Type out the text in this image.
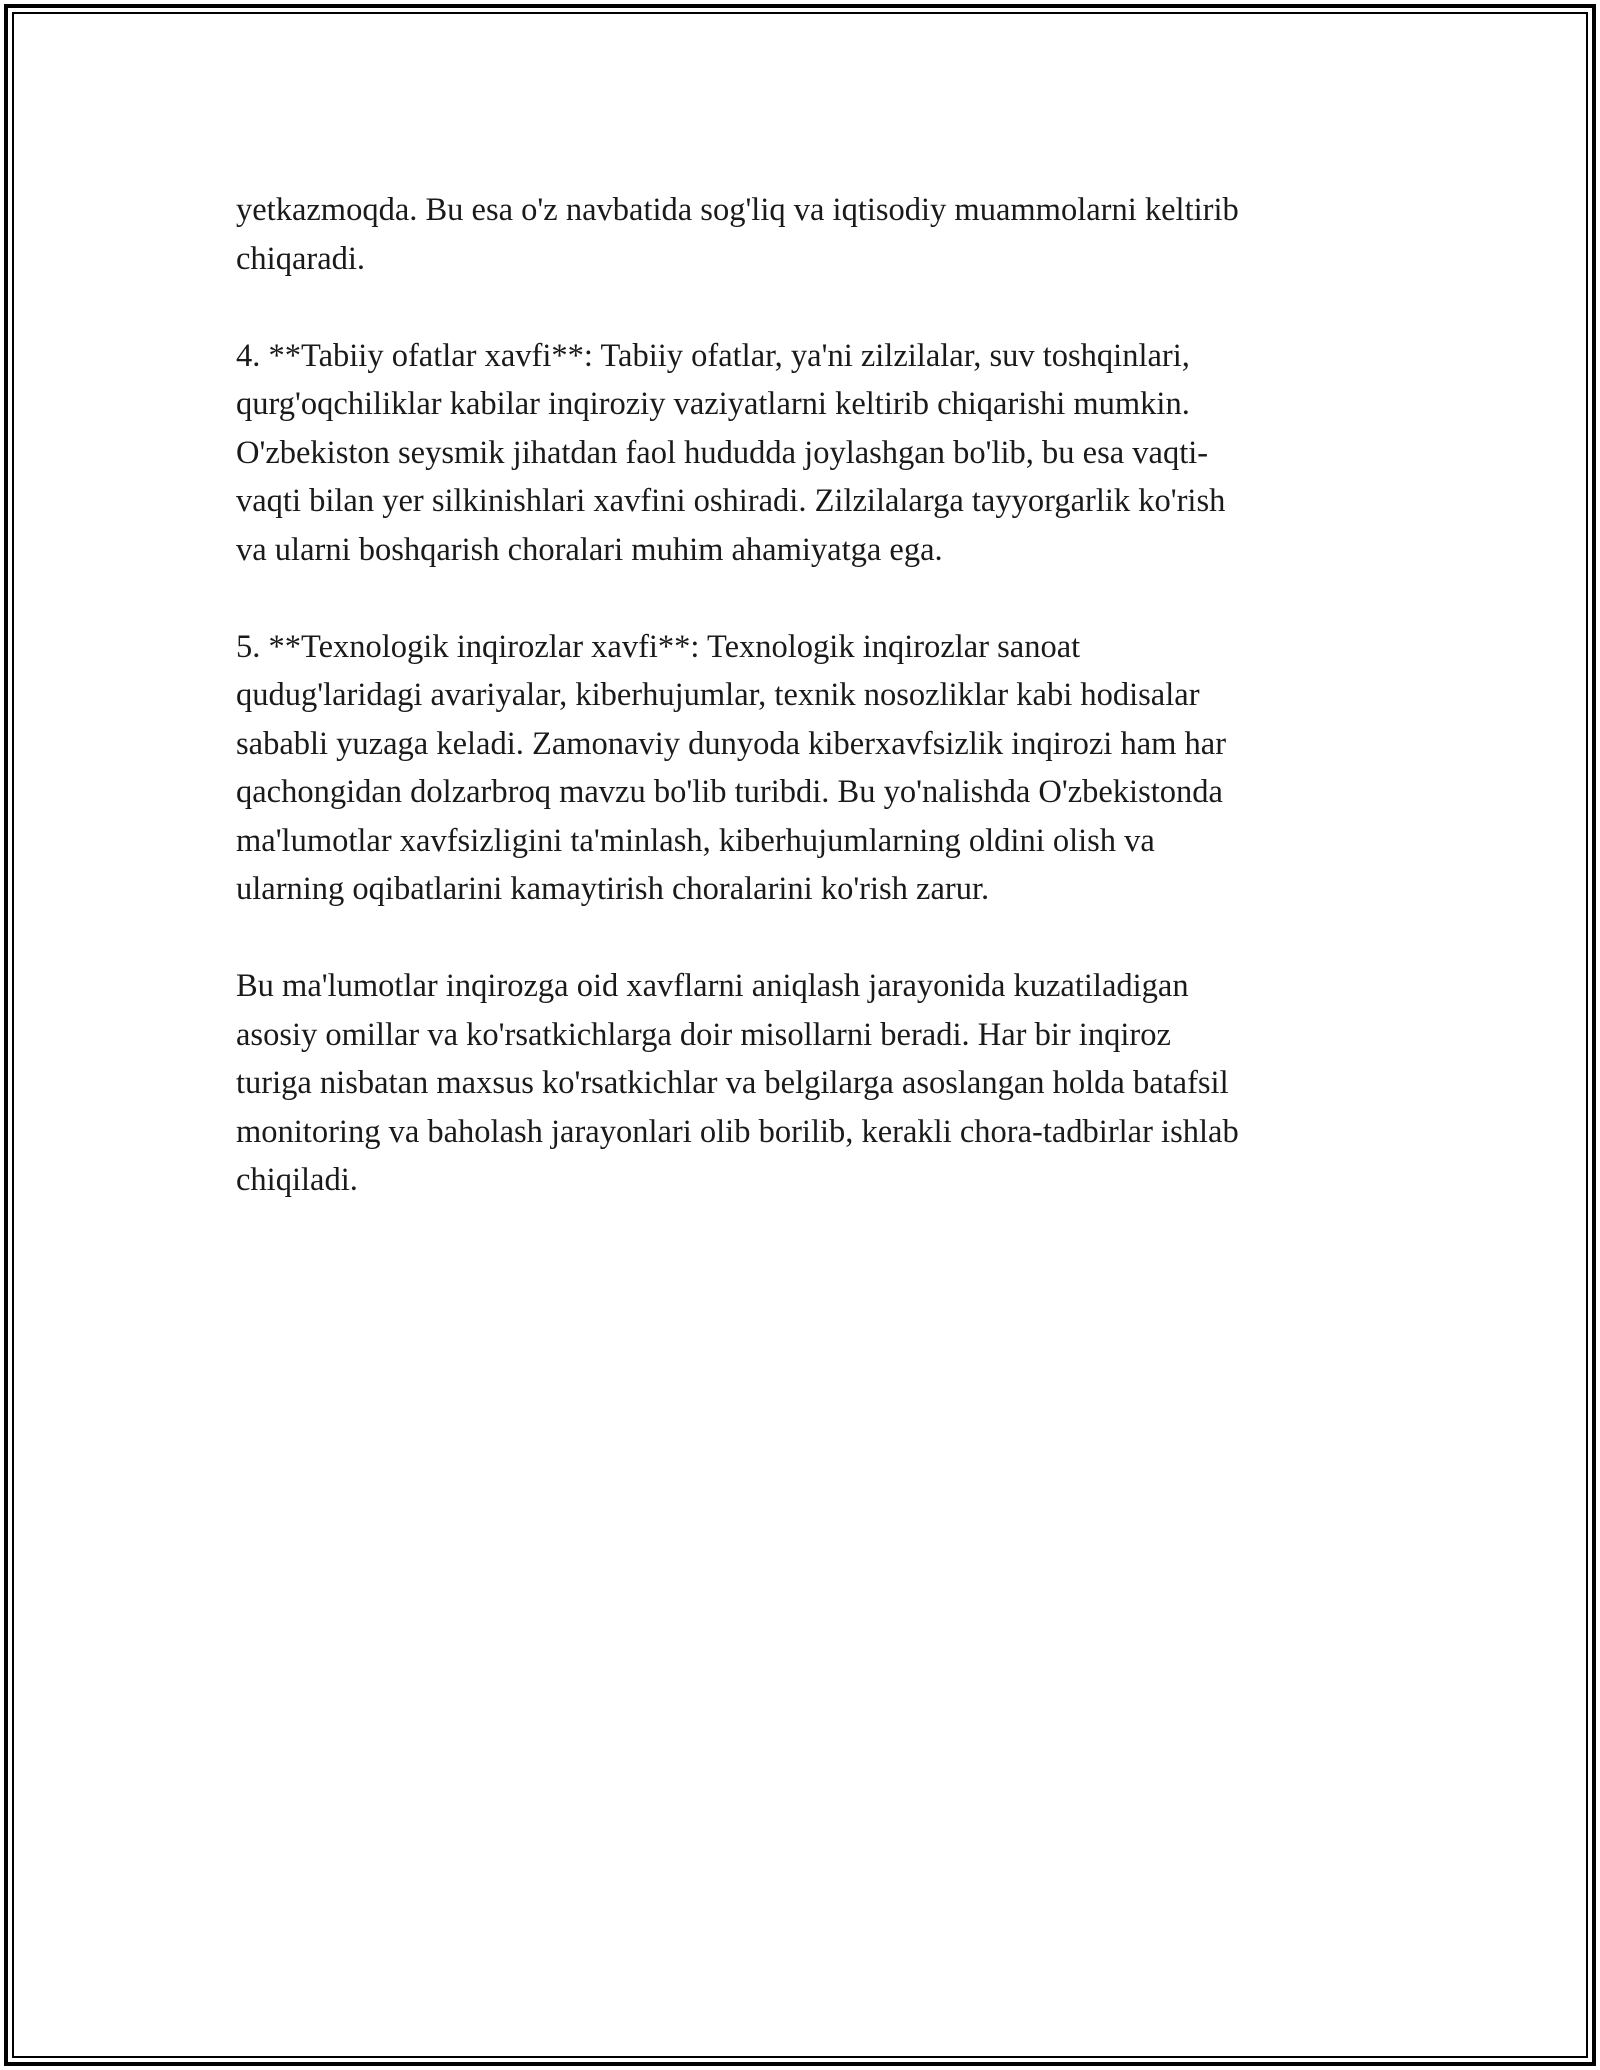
yetkazmoqda. Bu esa o'z navbatida sog'liq va iqtisodiy muammolarni keltirib
chiqaradi.

4. **Tabiiy ofatlar xavfi**: Tabiiy ofatlar, ya'ni zilzilalar, suv toshqinlari,
qurg'oqchiliklar kabilar inqiroziy vaziyatlarni keltirib chiqarishi mumkin.
O'zbekiston seysmik jihatdan faol hududda joylashgan bo'lib, bu esa vaqti-
vaqti bilan yer silkinishlari xavfini oshiradi. Zilzilalarga tayyorgarlik ko'rish
va ularni boshqarish choralari muhim ahamiyatga ega.

5. **Texnologik inqirozlar xavfi**: Texnologik inqirozlar sanoat
qudug'laridagi avariyalar, kiberhujumlar, texnik nosozliklar kabi hodisalar
sababli yuzaga keladi. Zamonaviy dunyoda kiberxavfsizlik inqirozi ham har
qachongidan dolzarbroq mavzu bo'lib turibdi. Bu yo'nalishda O'zbekistonda
ma'lumotlar xavfsizligini ta'minlash, kiberhujumlarning oldini olish va
ularning oqibatlarini kamaytirish choralarini ko'rish zarur.

Bu ma'lumotlar inqirozga oid xavflarni aniqlash jarayonida kuzatiladigan
asosiy omillar va ko'rsatkichlarga doir misollarni beradi. Har bir inqiroz
turiga nisbatan maxsus ko'rsatkichlar va belgilarga asoslangan holda batafsil
monitoring va baholash jarayonlari olib borilib, kerakli chora-tadbirlar ishlab
chiqiladi.
